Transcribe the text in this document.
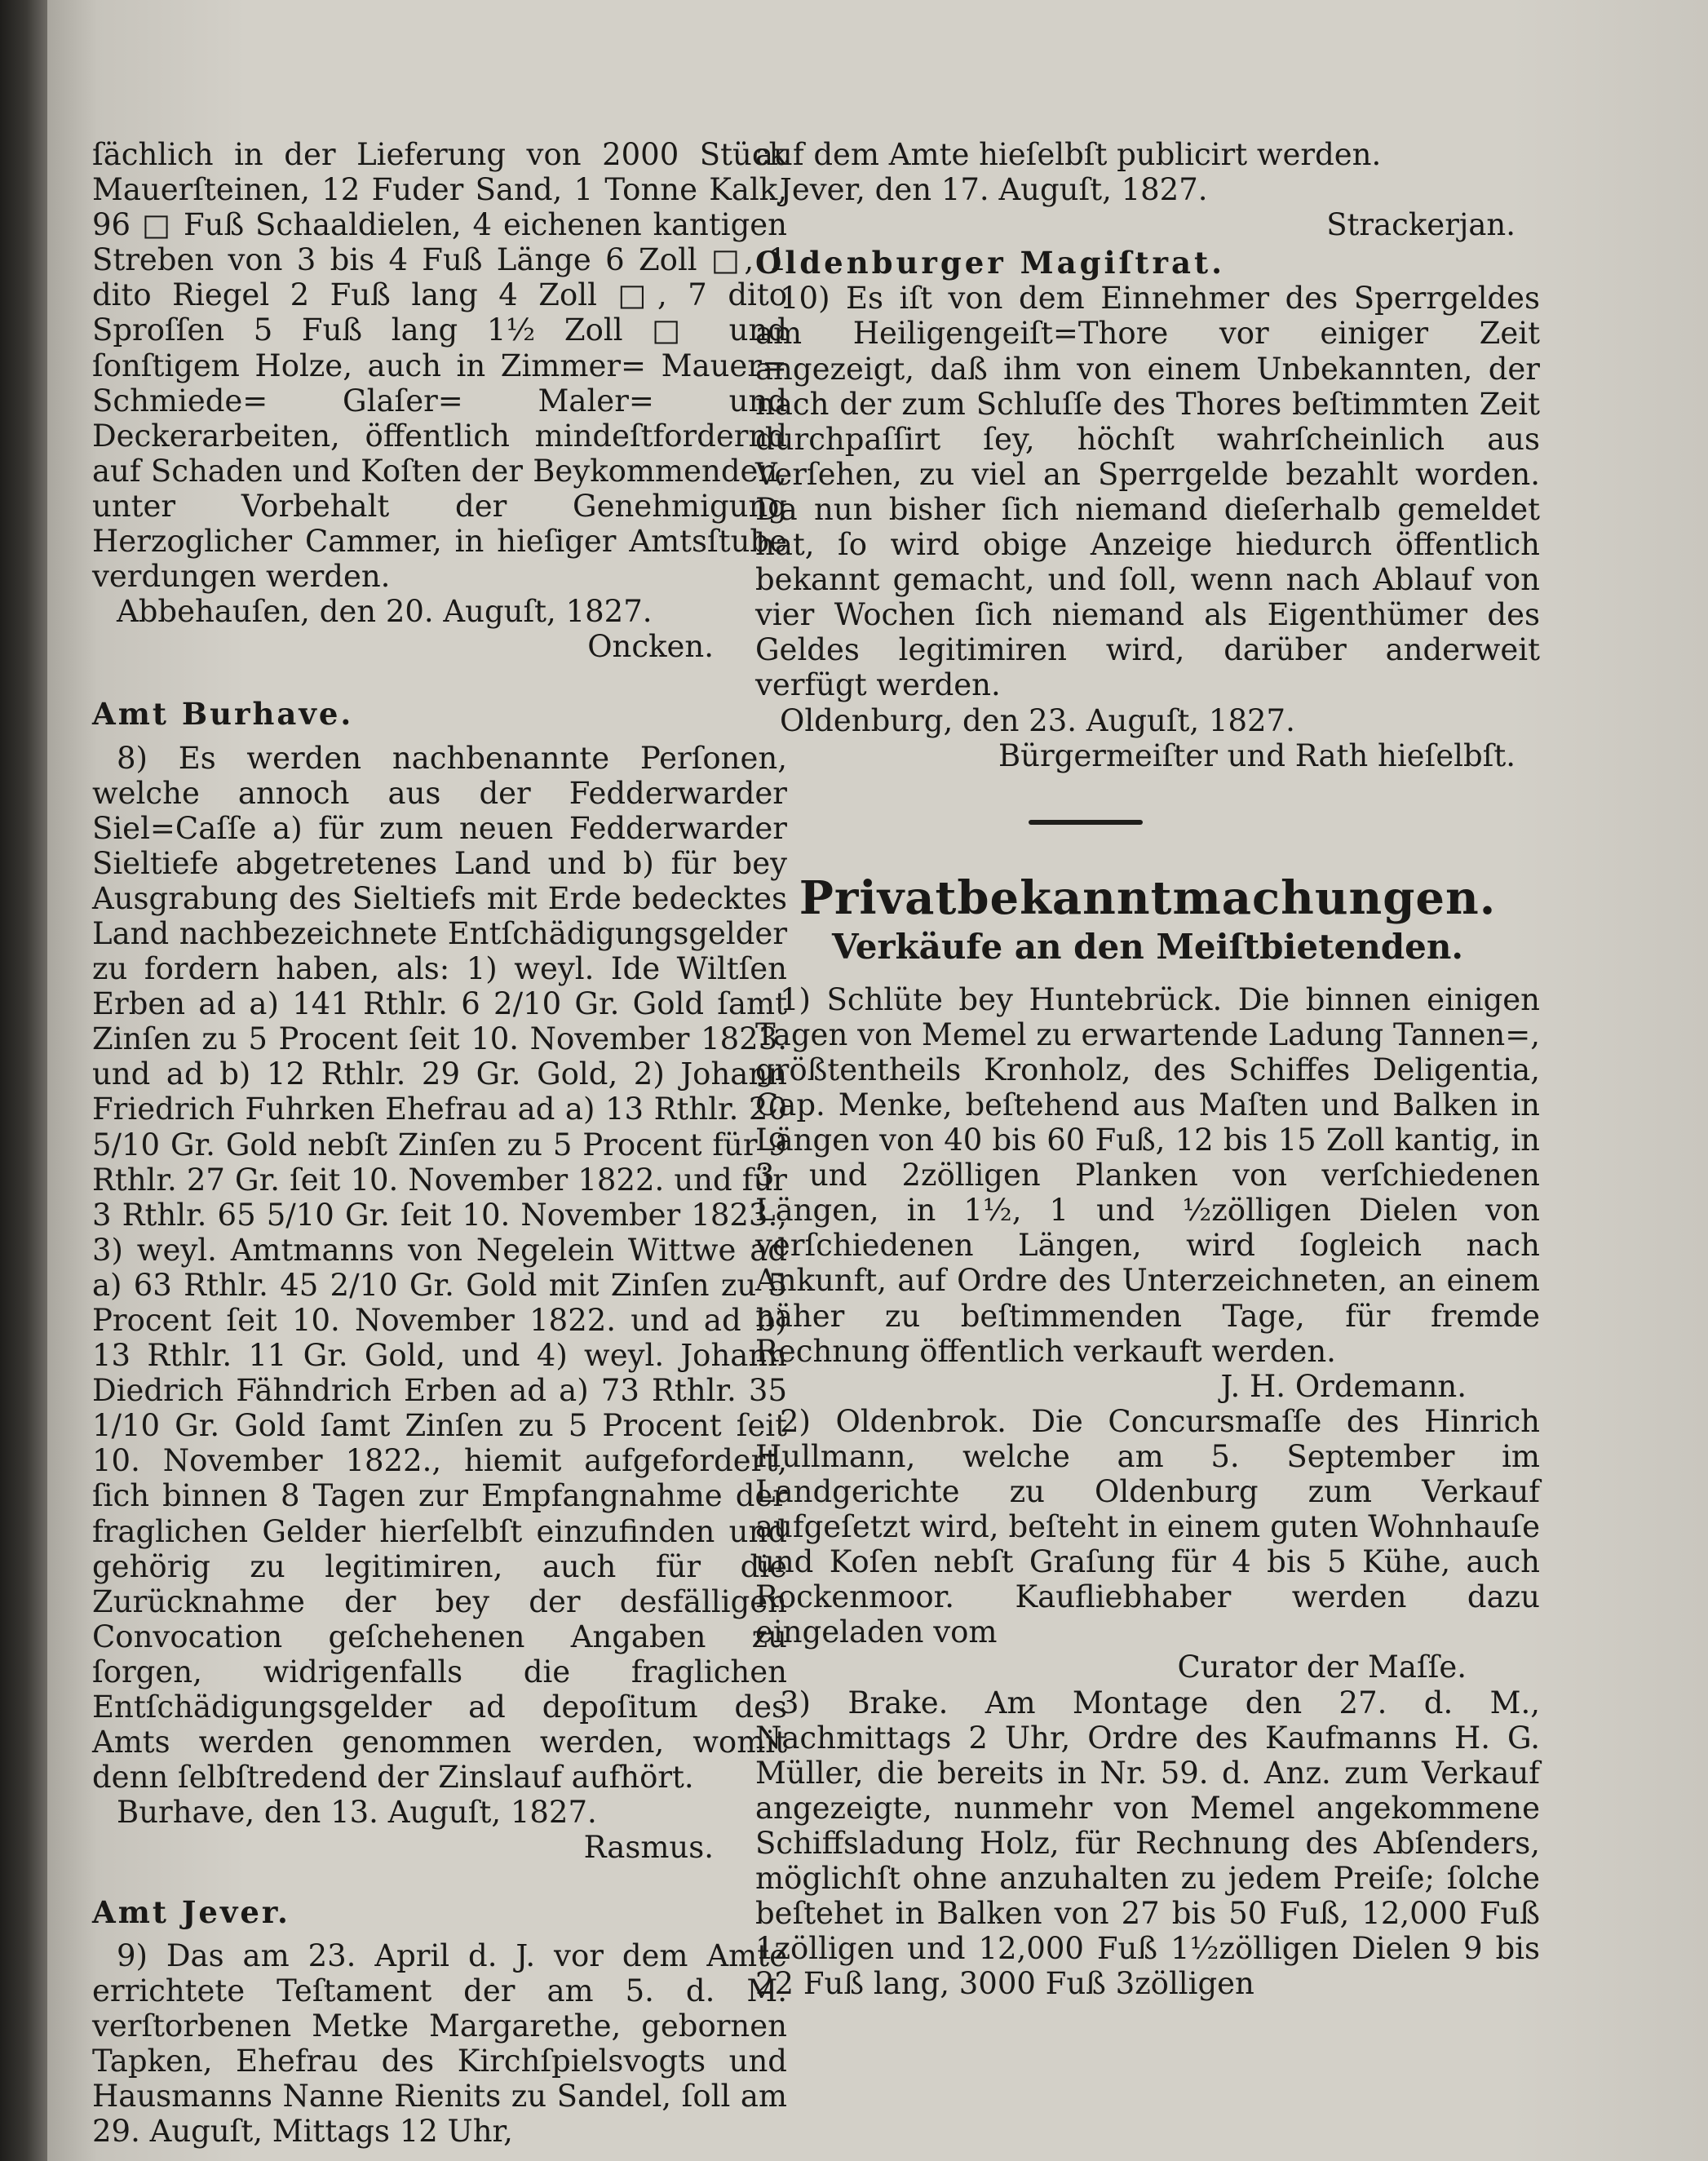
ſächlich in der Lieferung von 2000 Stück Mauerſteinen, 12 Fuder Sand, 1 Tonne Kalk, 96 □ Fuß Schaaldielen, 4 eichenen kantigen Streben von 3 bis 4 Fuß Länge 6 Zoll □, 1 dito Riegel 2 Fuß lang 4 Zoll □, 7 dito Sproſſen 5 Fuß lang 1½ Zoll □ und ſonſtigem Holze, auch in Zimmer= Mauer= Schmiede= Glaſer= Maler= und Deckerarbeiten, öffentlich mindeſtfordernd auf Schaden und Koſten der Beykommenden, unter Vorbehalt der Genehmigung Herzoglicher Cammer, in hieſiger Amtsſtube verdungen werden.

Abbehauſen, den 20. Auguſt, 1827.

Oncken.

Amt Burhave.

8) Es werden nachbenannte Perſonen, welche annoch aus der Fedderwarder Siel=Caſſe a) für zum neuen Fedderwarder Sieltiefe abgetretenes Land und b) für bey Ausgrabung des Sieltiefs mit Erde bedecktes Land nachbezeichnete Entſchädigungsgelder zu fordern haben, als: 1) weyl. Ide Wiltſen Erben ad a) 141 Rthlr. 6 2/10 Gr. Gold ſamt Zinſen zu 5 Procent ſeit 10. November 1823. und ad b) 12 Rthlr. 29 Gr. Gold, 2) Johann Friedrich Fuhrken Ehefrau ad a) 13 Rthlr. 20 5/10 Gr. Gold nebſt Zinſen zu 5 Procent für 9 Rthlr. 27 Gr. ſeit 10. November 1822. und für 3 Rthlr. 65 5/10 Gr. ſeit 10. November 1823., 3) weyl. Amtmanns von Negelein Wittwe ad a) 63 Rthlr. 45 2/10 Gr. Gold mit Zinſen zu 5 Procent ſeit 10. November 1822. und ad b) 13 Rthlr. 11 Gr. Gold, und 4) weyl. Johann Diedrich Fähndrich Erben ad a) 73 Rthlr. 35 1/10 Gr. Gold ſamt Zinſen zu 5 Procent ſeit 10. November 1822., hiemit aufgefordert, ſich binnen 8 Tagen zur Empfangnahme der fraglichen Gelder hierſelbſt einzufinden und gehörig zu legitimiren, auch für die Zurücknahme der bey der desfälligen Convocation geſchehenen Angaben zu ſorgen, widrigenfalls die fraglichen Entſchädigungsgelder ad depoſitum des Amts werden genommen werden, womit denn ſelbſtredend der Zinslauf aufhört.

Burhave, den 13. Auguſt, 1827.

Rasmus.

Amt Jever.

9) Das am 23. April d. J. vor dem Amte errichtete Teſtament der am 5. d. M. verſtorbenen Metke Margarethe, gebornen Tapken, Ehefrau des Kirchſpielsvogts und Hausmanns Nanne Rienits zu Sandel, ſoll am 29. Auguſt, Mittags 12 Uhr,

auf dem Amte hieſelbſt publicirt werden.

Jever, den 17. Auguſt, 1827.

Strackerjan.

Oldenburger Magiſtrat.

10) Es iſt von dem Einnehmer des Sperrgeldes am Heiligengeiſt=Thore vor einiger Zeit angezeigt, daß ihm von einem Unbekannten, der nach der zum Schluſſe des Thores beſtimmten Zeit durchpaſſirt ſey, höchſt wahrſcheinlich aus Verſehen, zu viel an Sperrgelde bezahlt worden. Da nun bisher ſich niemand dieſerhalb gemeldet hat, ſo wird obige Anzeige hiedurch öffentlich bekannt gemacht, und ſoll, wenn nach Ablauf von vier Wochen ſich niemand als Eigenthümer des Geldes legitimiren wird, darüber anderweit verfügt werden.

Oldenburg, den 23. Auguſt, 1827.

Bürgermeiſter und Rath hieſelbſt.

Privatbekanntmachungen.

Verkäufe an den Meiſtbietenden.

1) Schlüte bey Huntebrück. Die binnen einigen Tagen von Memel zu erwartende Ladung Tannen=, größtentheils Kronholz, des Schiffes Deligentia, Cap. Menke, beſtehend aus Maſten und Balken in Längen von 40 bis 60 Fuß, 12 bis 15 Zoll kantig, in 3 und 2zölligen Planken von verſchiedenen Längen, in 1½, 1 und ½zölligen Dielen von verſchiedenen Längen, wird ſogleich nach Ankunft, auf Ordre des Unterzeichneten, an einem näher zu beſtimmenden Tage, für fremde Rechnung öffentlich verkauft werden.

J. H. Ordemann.

2) Oldenbrok. Die Concursmaſſe des Hinrich Hullmann, welche am 5. September im Landgerichte zu Oldenburg zum Verkauf aufgeſetzt wird, beſteht in einem guten Wohnhauſe und Koſen nebſt Graſung für 4 bis 5 Kühe, auch Rockenmoor. Kaufliebhaber werden dazu eingeladen vom

Curator der Maſſe.

3) Brake. Am Montage den 27. d. M., Nachmittags 2 Uhr, Ordre des Kaufmanns H. G. Müller, die bereits in Nr. 59. d. Anz. zum Verkauf angezeigte, nunmehr von Memel angekommene Schiffsladung Holz, für Rechnung des Abſenders, möglichſt ohne anzuhalten zu jedem Preiſe; ſolche beſtehet in Balken von 27 bis 50 Fuß, 12,000 Fuß 1zölligen und 12,000 Fuß 1½zölligen Dielen 9 bis 22 Fuß lang, 3000 Fuß 3zölligen
